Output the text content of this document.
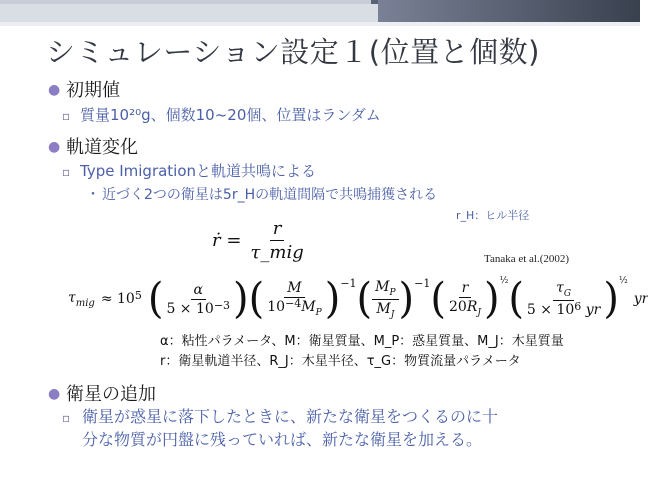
シミュレーション設定１(位置と個数)
● 初期値
▫ 質量10²⁰g、個数10~20個、位置はランダム
● 軌道変化
▫ Type Ⅰmigrationと軌道共鳴による
・ 近づく2つの衛星は5r_Hの軌道間隔で共鳴捕獲される
r_H：ヒル半径
ṙ = $\frac{r}{\text{τ\_mig}}$	Tanaka et al.(2002)
$\tau_{mig} \approx 10^5$ ( $\frac{\alpha}{5 \times 10^{-3}}$ ) ( $\frac{M}{10^{-4}M_P}$ ) −1 ( $\frac{M_P}{M_J}$ ) −1 ( $\frac{r}{20R_J}$ ) ½ ( $\frac{\tau_G}{5 \times 10^6 yr}$ ) ½
yr
α：粘性パラメータ、M：衛星質量、M_P：惑星質量、M_J：木星質量
r：衛星軌道半径、R_J：木星半径、τ_G：物質流量パラメータ
● 衛星の追加
▫ 衛星が惑星に落下したときに、新たな衛星をつくるのに十
分な物質が円盤に残っていれば、新たな衛星を加える。
